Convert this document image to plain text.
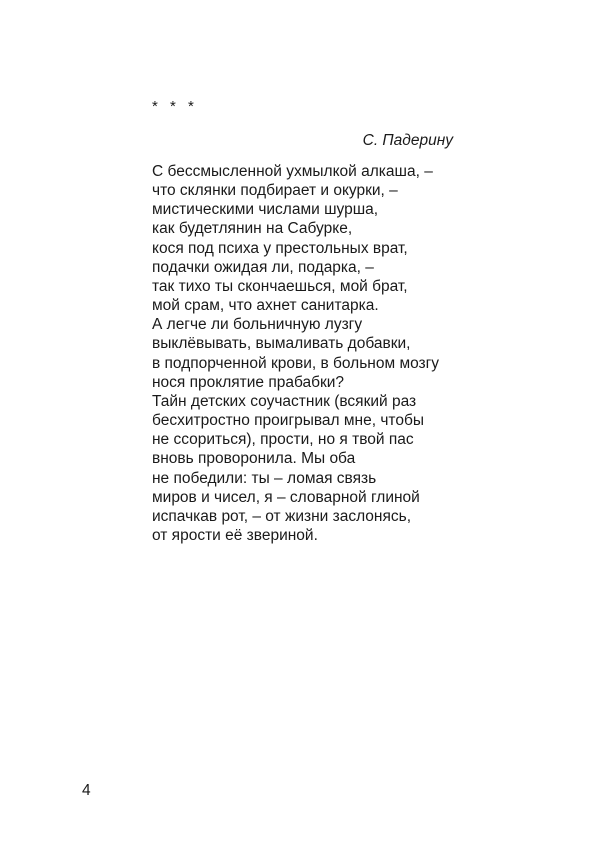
* * *
С. Падерину
С бессмысленной ухмылкой алкаша, –
что склянки подбирает и окурки, –
мистическими числами шурша,
как будетлянин на Сабурке,
кося под психа у престольных врат,
подачки ожидая ли, подарка, –
так тихо ты скончаешься, мой брат,
мой срам, что ахнет санитарка.
А легче ли больничную лузгу
выклёвывать, вымаливать добавки,
в подпорченной крови, в больном мозгу
нося проклятие прабабки?
Тайн детских соучастник (всякий раз
бесхитростно проигрывал мне, чтобы
не ссориться), прости, но я твой пас
вновь проворонила. Мы оба
не победили: ты – ломая связь
миров и чисел, я – словарной глиной
испачкав рот, – от жизни заслонясь,
от ярости её звериной.
4
